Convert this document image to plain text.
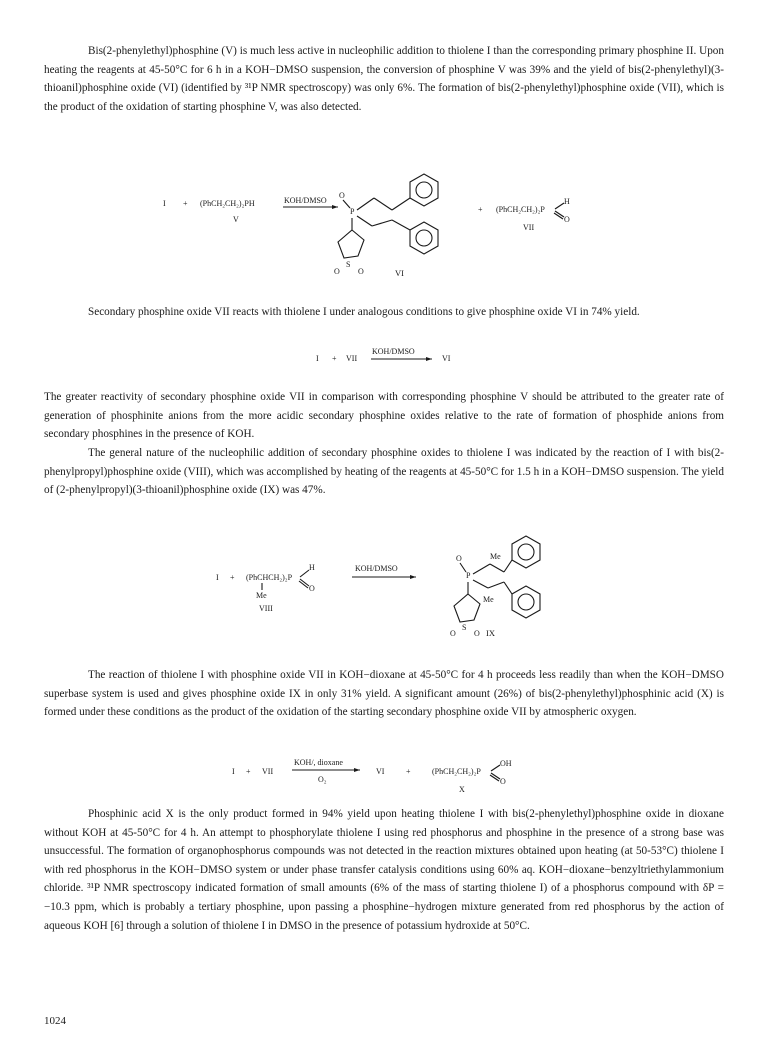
Bis(2-phenylethyl)phosphine (V) is much less active in nucleophilic addition to thiolene I than the corresponding primary phosphine II. Upon heating the reagents at 45-50°C for 6 h in a KOH−DMSO suspension, the conversion of phosphine V was 39% and the yield of bis(2-phenylethyl)(3-thioanil)phosphine oxide (VI) (identified by ³¹P NMR spectroscopy) was only 6%. The formation of bis(2-phenylethyl)phosphine oxide (VII), which is the product of the oxidation of starting phosphine V, was also detected.

I + (PhCH₂CH₂)₂PH
V
KOH/DMSO
O
P
S
O O	VI
+ (PhCH₂CH₂)₂P
H
O
VII

Secondary phosphine oxide VII reacts with thiolene I under analogous conditions to give phosphine oxide VI in 74% yield.

I + VII
KOH/DMSO
VI

The greater reactivity of secondary phosphine oxide VII in comparison with corresponding phosphine V should be attributed to the greater rate of generation of phosphinite anions from the more acidic secondary phosphine oxides relative to the rate of formation of phosphide anions from secondary phosphines in the presence of KOH.

The general nature of the nucleophilic addition of secondary phosphine oxides to thiolene I was indicated by the reaction of I with bis(2-phenylpropyl)phosphine oxide (VIII), which was accomplished by heating of the reagents at 45-50°C for 1.5 h in a KOH−DMSO suspension. The yield of (2-phenylpropyl)(3-thioanil)phosphine oxide (IX) was 47%.

I + (PhCHCH₂)₂P
Me
VIII
H
O
KOH/DMSO
O
P
Me
Me
S
O O IX

The reaction of thiolene I with phosphine oxide VII in KOH−dioxane at 45-50°C for 4 h proceeds less readily than when the KOH−DMSO superbase system is used and gives phosphine oxide IX in only 31% yield. A significant amount (26%) of bis(2-phenylethyl)phosphinic acid (X) is formed under these conditions as the product of the oxidation of the starting secondary phosphine oxide VII by atmospheric oxygen.

I + VII
KOH/, dioxane
O₂
VI	+	(PhCH₂CH₂)₂P
OH
O
X

Phosphinic acid X is the only product formed in 94% yield upon heating thiolene I with bis(2-phenylethyl)phosphine oxide in dioxane without KOH at 45-50°C for 4 h. An attempt to phosphorylate thiolene I using red phosphorus and phosphine in the presence of a strong base was unsuccessful. The formation of organophosphorus compounds was not detected in the reaction mixtures obtained upon heating (at 50-53°C) thiolene I with red phosphorus in the KOH−DMSO system or under phase transfer catalysis conditions using 60% aq. KOH−dioxane−benzyltriethylammonium chloride. ³¹P NMR spectroscopy indicated formation of small amounts (6% of the mass of starting thiolene I) of a phosphorus compound with δP = −10.3 ppm, which is probably a tertiary phosphine, upon passing a phosphine−hydrogen mixture generated from red phosphorus by the action of aqueous KOH [6] through a solution of thiolene I in DMSO in the presence of potassium hydroxide at 50°C.

1024
